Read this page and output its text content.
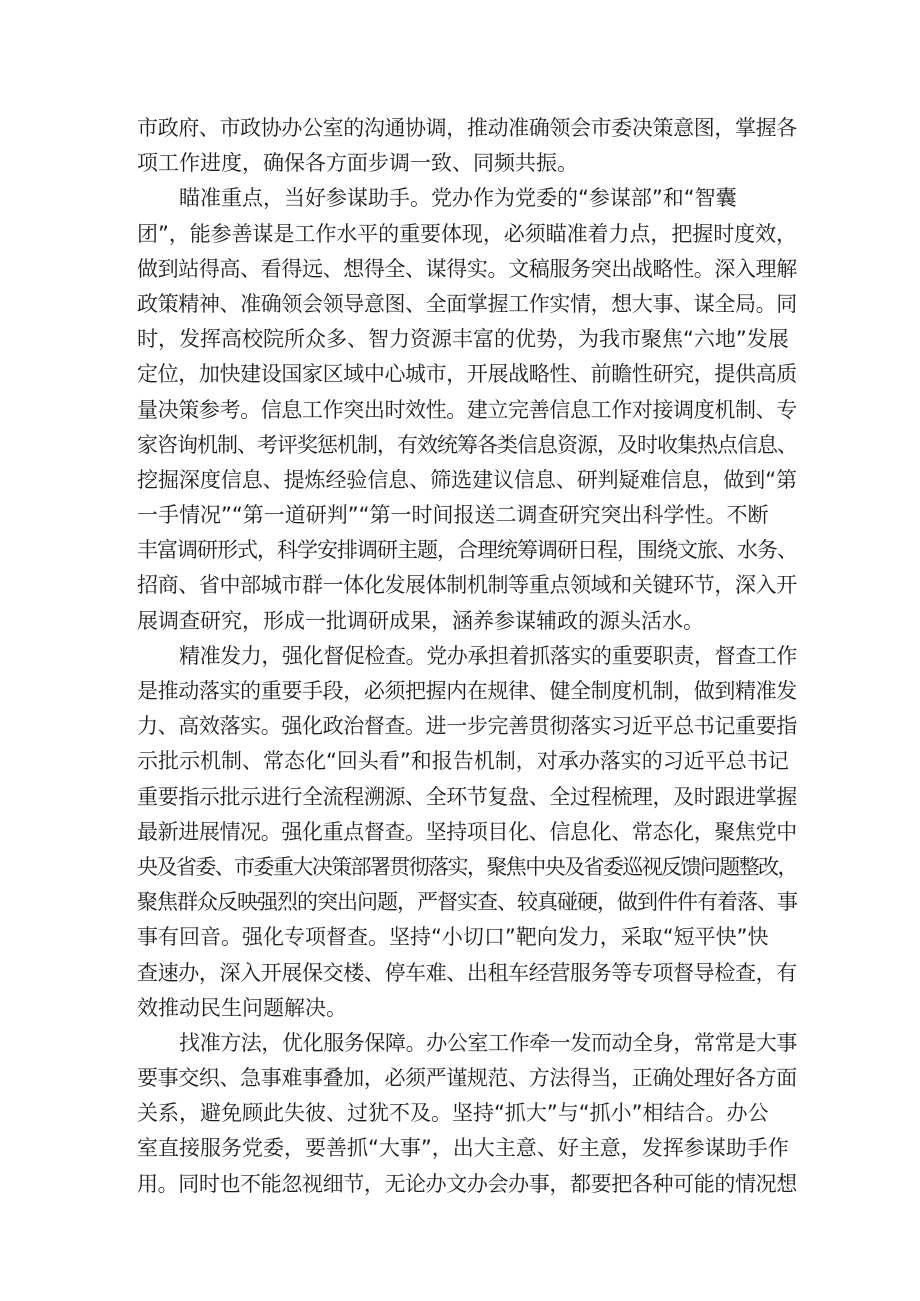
市政府、市政协办公室的沟通协调，推动准确领会市委决策意图，掌握各
项工作进度，确保各方面步调一致、同频共振。
瞄准重点，当好参谋助手。党办作为党委的“参谋部”和“智囊
团”，能参善谋是工作水平的重要体现，必须瞄准着力点，把握时度效，
做到站得高、看得远、想得全、谋得实。文稿服务突出战略性。深入理解
政策精神、准确领会领导意图、全面掌握工作实情，想大事、谋全局。同
时，发挥高校院所众多、智力资源丰富的优势，为我市聚焦“六地”发展
定位，加快建设国家区域中心城市，开展战略性、前瞻性研究，提供高质
量决策参考。信息工作突出时效性。建立完善信息工作对接调度机制、专
家咨询机制、考评奖惩机制，有效统筹各类信息资源，及时收集热点信息、
挖掘深度信息、提炼经验信息、筛选建议信息、研判疑难信息，做到“第
一手情况”“第一道研判”“第一时间报送二调查研究突出科学性。不断
丰富调研形式，科学安排调研主题，合理统筹调研日程，围绕文旅、水务、
招商、省中部城市群一体化发展体制机制等重点领域和关键环节，深入开
展调查研究，形成一批调研成果，涵养参谋辅政的源头活水。
精准发力，强化督促检查。党办承担着抓落实的重要职责，督查工作
是推动落实的重要手段，必须把握内在规律、健全制度机制，做到精准发
力、高效落实。强化政治督查。进一步完善贯彻落实习近平总书记重要指
示批示机制、常态化“回头看”和报告机制，对承办落实的习近平总书记
重要指示批示进行全流程溯源、全环节复盘、全过程梳理，及时跟进掌握
最新进展情况。强化重点督查。坚持项目化、信息化、常态化，聚焦党中
央及省委、市委重大决策部署贯彻落实，聚焦中央及省委巡视反馈问题整改，
聚焦群众反映强烈的突出问题，严督实查、较真碰硬，做到件件有着落、事
事有回音。强化专项督查。坚持“小切口”靶向发力，采取“短平快”快
查速办，深入开展保交楼、停车难、出租车经营服务等专项督导检查，有
效推动民生问题解决。
找准方法，优化服务保障。办公室工作牵一发而动全身，常常是大事
要事交织、急事难事叠加，必须严谨规范、方法得当，正确处理好各方面
关系，避免顾此失彼、过犹不及。坚持“抓大”与“抓小”相结合。办公
室直接服务党委，要善抓“大事”，出大主意、好主意，发挥参谋助手作
用。同时也不能忽视细节，无论办文办会办事，都要把各种可能的情况想
